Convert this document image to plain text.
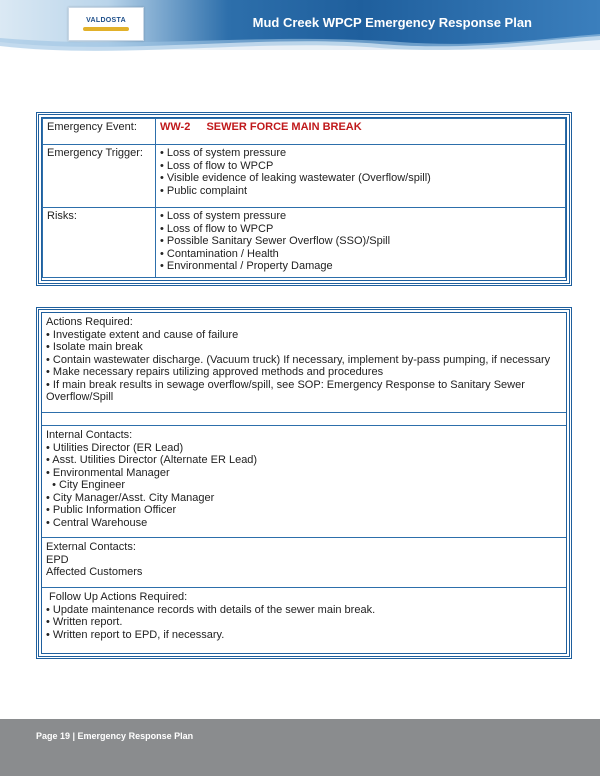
VALDOSTA	Mud Creek WPCP Emergency Response Plan
Emergency Event:	WW-2 SEWER FORCE MAIN BREAK
Emergency Trigger:	• Loss of system pressure
• Loss of flow to WPCP
• Visible evidence of leaking wastewater (Overflow/spill)
• Public complaint

Risks:	• Loss of system pressure
• Loss of flow to WPCP
• Possible Sanitary Sewer Overflow (SSO)/Spill
• Contamination / Health
• Environmental / Property Damage
Actions Required:
• Investigate extent and cause of failure
• Isolate main break
• Contain wastewater discharge. (Vacuum truck) If necessary, implement by-pass pumping, if necessary
• Make necessary repairs utilizing approved methods and procedures
• If main break results in sewage overflow/spill, see SOP: Emergency Response to Sanitary Sewer
Overflow/Spill
Internal Contacts:
• Utilities Director (ER Lead)
• Asst. Utilities Director (Alternate ER Lead)
• Environmental Manager
• City Engineer
• City Manager/Asst. City Manager
• Public Information Officer
• Central Warehouse
External Contacts:
EPD
Affected Customers
Follow Up Actions Required:
• Update maintenance records with details of the sewer main break.
• Written report.
• Written report to EPD, if necessary.
Page 19 | Emergency Response Plan
